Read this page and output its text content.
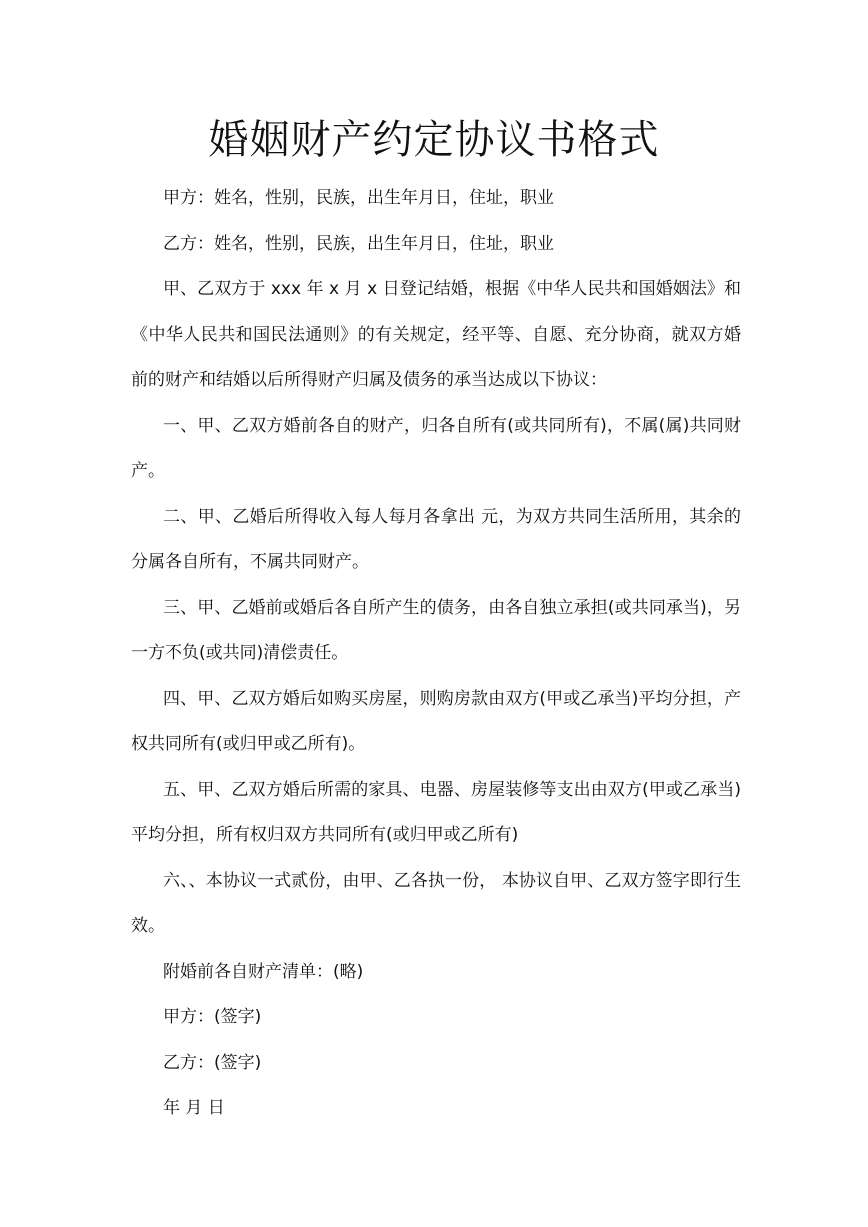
婚姻财产约定协议书格式

甲方：姓名，性别，民族，出生年月日，住址，职业

乙方：姓名，性别，民族，出生年月日，住址，职业

甲、乙双方于 xxx 年 x 月 x 日登记结婚，根据《中华人民共和国婚姻法》和《中华人民共和国民法通则》的有关规定，经平等、自愿、充分协商，就双方婚前的财产和结婚以后所得财产归属及债务的承当达成以下协议：

一、甲、乙双方婚前各自的财产，归各自所有(或共同所有)，不属(属)共同财产。

二、甲、乙婚后所得收入每人每月各拿出 元，为双方共同生活所用，其余的分属各自所有，不属共同财产。

三、甲、乙婚前或婚后各自所产生的债务，由各自独立承担(或共同承当)，另一方不负(或共同)清偿责任。

四、甲、乙双方婚后如购买房屋，则购房款由双方(甲或乙承当)平均分担，产权共同所有(或归甲或乙所有)。

五、甲、乙双方婚后所需的家具、电器、房屋装修等支出由双方(甲或乙承当)平均分担，所有权归双方共同所有(或归甲或乙所有)

六、、本协议一式贰份，由甲、乙各执一份， 本协议自甲、乙双方签字即行生效。

附婚前各自财产清单：(略)

甲方：(签字)

乙方：(签字)

年 月 日
